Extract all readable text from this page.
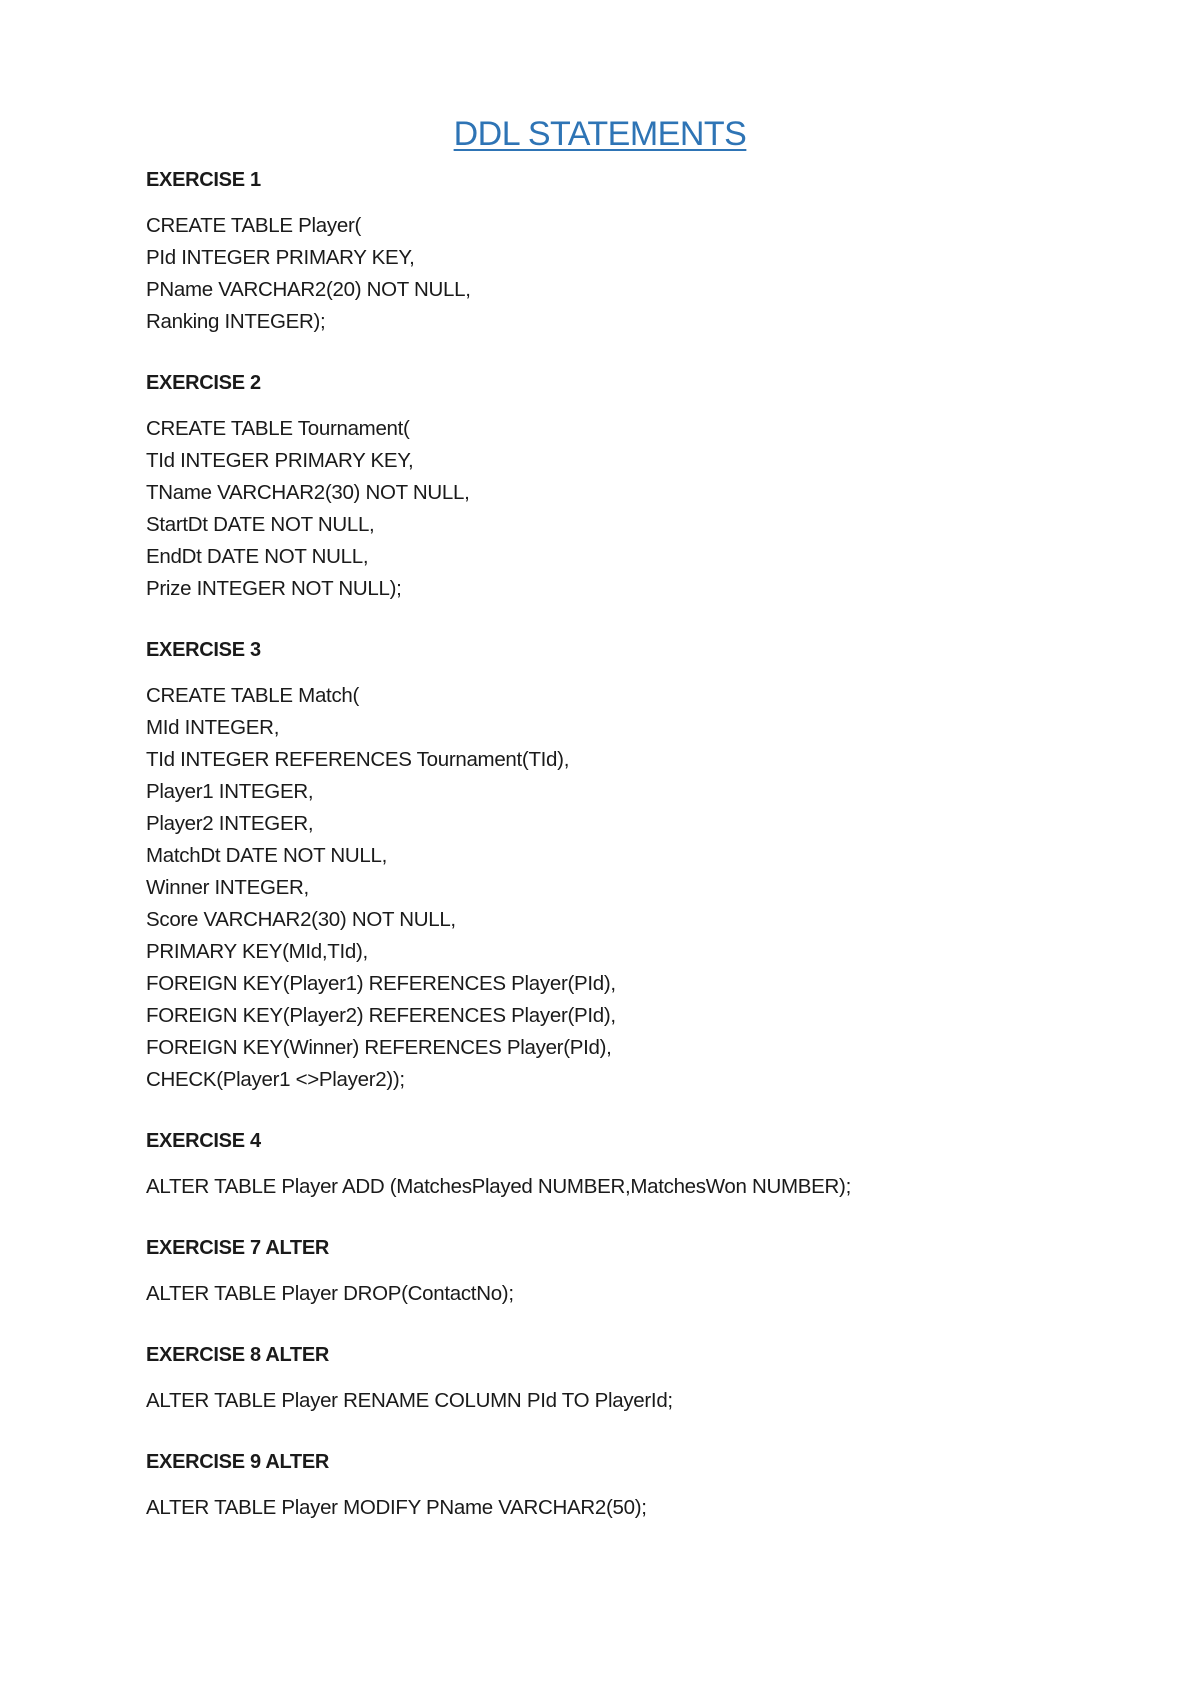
DDL STATEMENTS
EXERCISE 1
CREATE TABLE Player(
PId INTEGER PRIMARY KEY,
PName VARCHAR2(20) NOT NULL,
Ranking INTEGER);
EXERCISE 2
CREATE TABLE Tournament(
TId INTEGER PRIMARY KEY,
TName VARCHAR2(30) NOT NULL,
StartDt DATE NOT NULL,
EndDt DATE NOT NULL,
Prize INTEGER NOT NULL);
EXERCISE 3
CREATE TABLE Match(
MId INTEGER,
TId INTEGER REFERENCES Tournament(TId),
Player1 INTEGER,
Player2 INTEGER,
MatchDt DATE NOT NULL,
Winner INTEGER,
Score VARCHAR2(30) NOT NULL,
PRIMARY KEY(MId,TId),
FOREIGN KEY(Player1) REFERENCES Player(PId),
FOREIGN KEY(Player2) REFERENCES Player(PId),
FOREIGN KEY(Winner) REFERENCES Player(PId),
CHECK(Player1 <>Player2));
EXERCISE 4
ALTER TABLE Player ADD (MatchesPlayed NUMBER,MatchesWon NUMBER);
EXERCISE 7 ALTER
ALTER TABLE Player DROP(ContactNo);
EXERCISE 8 ALTER
ALTER TABLE Player RENAME COLUMN PId TO PlayerId;
EXERCISE 9 ALTER
ALTER TABLE Player MODIFY PName VARCHAR2(50);
